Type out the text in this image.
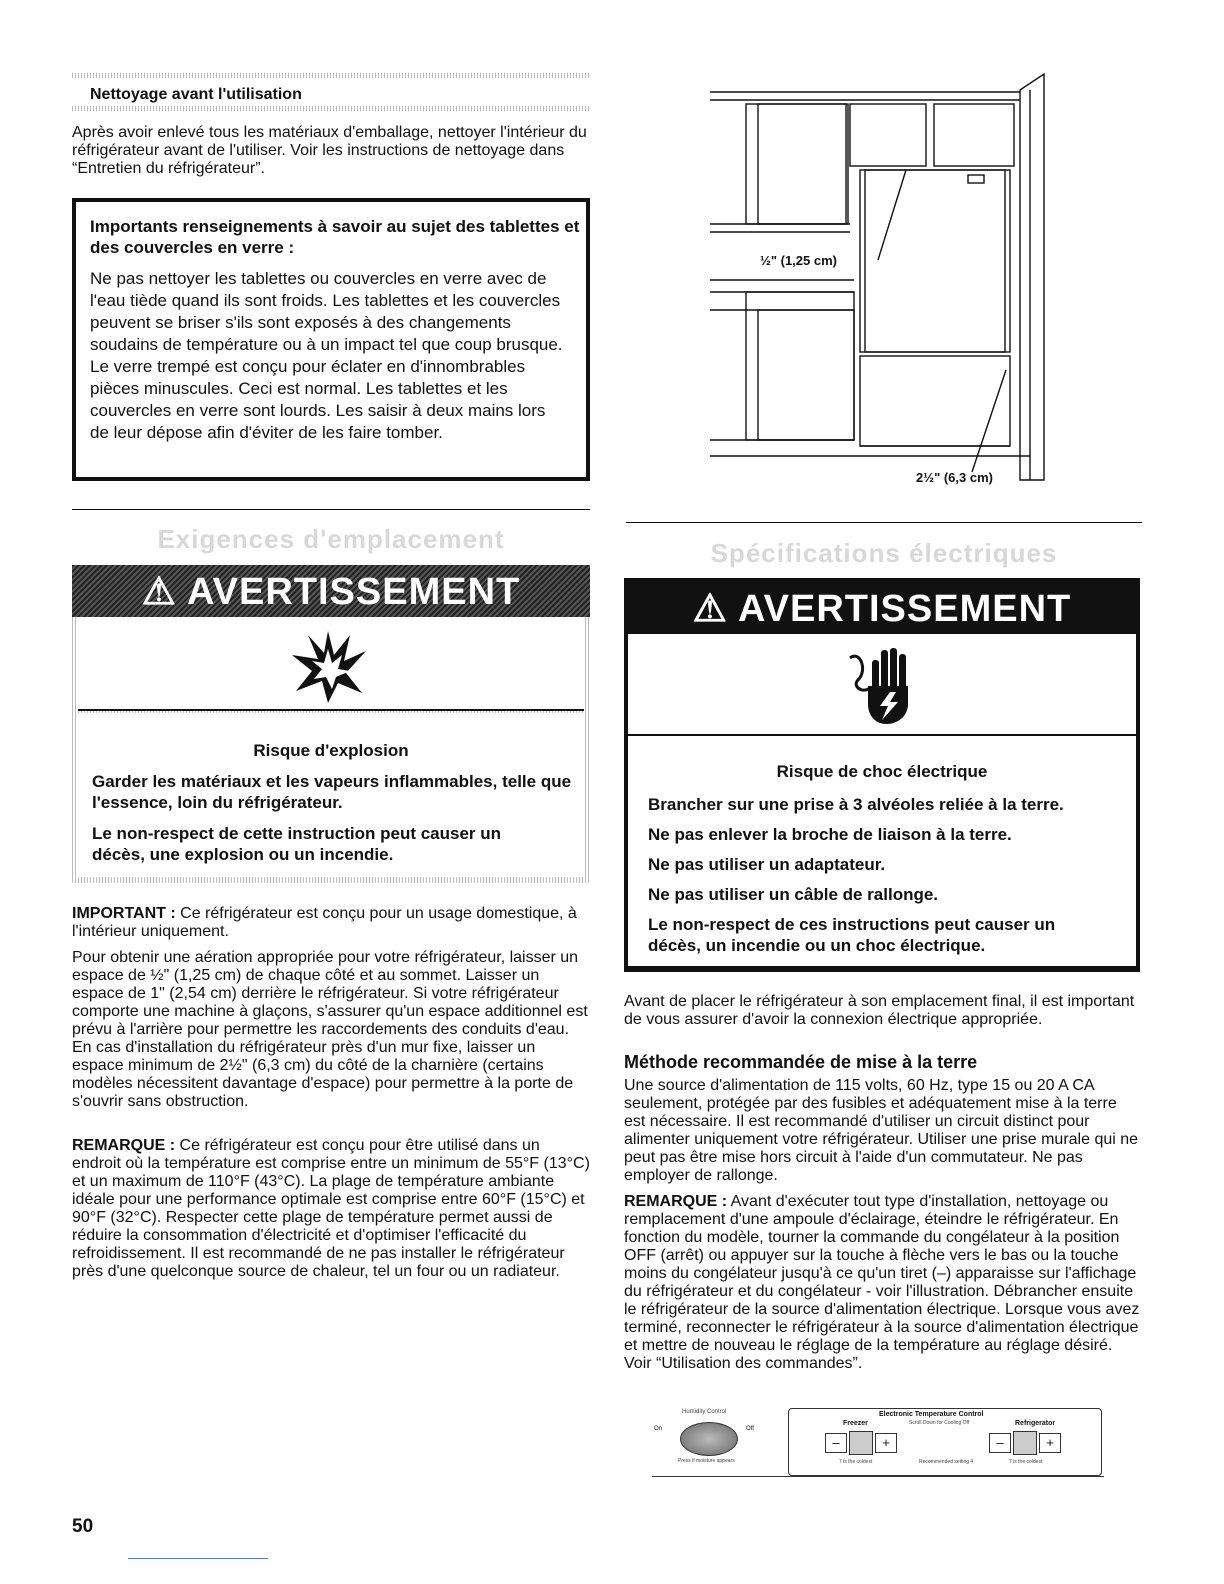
Nettoyage avant l'utilisation

Après avoir enlevé tous les matériaux d'emballage, nettoyer l'intérieur du réfrigérateur avant de l'utiliser. Voir les instructions de nettoyage dans “Entretien du réfrigérateur”.

Importants renseignements à savoir au sujet des tablettes et des couvercles en verre :
Ne pas nettoyer les tablettes ou couvercles en verre avec de l'eau tiède quand ils sont froids. Les tablettes et les couvercles peuvent se briser s'ils sont exposés à des changements soudains de température ou à un impact tel que coup brusque. Le verre trempé est conçu pour éclater en d'innombrables pièces minuscules. Ceci est normal. Les tablettes et les couvercles en verre sont lourds. Les saisir à deux mains lors de leur dépose afin d'éviter de les faire tomber.
Exigences d'emplacement
⚠ AVERTISSEMENT
Risque d'explosion
Garder les matériaux et les vapeurs inflammables, telle que l'essence, loin du réfrigérateur.
Le non-respect de cette instruction peut causer un décès, une explosion ou un incendie.

IMPORTANT : Ce réfrigérateur est conçu pour un usage domestique, à l'intérieur uniquement.

Pour obtenir une aération appropriée pour votre réfrigérateur, laisser un espace de ½" (1,25 cm) de chaque côté et au sommet. Laisser un espace de 1" (2,54 cm) derrière le réfrigérateur. Si votre réfrigérateur comporte une machine à glaçons, s'assurer qu'un espace additionnel est prévu à l'arrière pour permettre les raccordements des conduits d'eau. En cas d'installation du réfrigérateur près d'un mur fixe, laisser un espace minimum de 2½" (6,3 cm) du côté de la charnière (certains modèles nécessitent davantage d'espace) pour permettre à la porte de s'ouvrir sans obstruction.

REMARQUE : Ce réfrigérateur est conçu pour être utilisé dans un endroit où la température est comprise entre un minimum de 55°F (13°C) et un maximum de 110°F (43°C). La plage de température ambiante idéale pour une performance optimale est comprise entre 60°F (15°C) et 90°F (32°C). Respecter cette plage de température permet aussi de réduire la consommation d'électricité et d'optimiser l'efficacité du refroidissement. Il est recommandé de ne pas installer le réfrigérateur près d'une quelconque source de chaleur, tel un four ou un radiateur.

50
½" (1,25 cm)
2½" (6,3 cm)
Spécifications électriques
⚠ AVERTISSEMENT
Risque de choc électrique
Brancher sur une prise à 3 alvéoles reliée à la terre.
Ne pas enlever la broche de liaison à la terre.
Ne pas utiliser un adaptateur.
Ne pas utiliser un câble de rallonge.
Le non-respect de ces instructions peut causer un décès, un incendie ou un choc électrique.

Avant de placer le réfrigérateur à son emplacement final, il est important de vous assurer d'avoir la connexion électrique appropriée.

Méthode recommandée de mise à la terre

Une source d'alimentation de 115 volts, 60 Hz, type 15 ou 20 A CA seulement, protégée par des fusibles et adéquatement mise à la terre est nécessaire. Il est recommandé d'utiliser un circuit distinct pour alimenter uniquement votre réfrigérateur. Utiliser une prise murale qui ne peut pas être mise hors circuit à l'aide d'un commutateur. Ne pas employer de rallonge.

REMARQUE : Avant d'exécuter tout type d'installation, nettoyage ou remplacement d'une ampoule d'éclairage, éteindre le réfrigérateur. En fonction du modèle, tourner la commande du congélateur à la position OFF (arrêt) ou appuyer sur la touche à flèche vers le bas ou la touche moins du congélateur jusqu'à ce qu'un tiret (–) apparaisse sur l'affichage du réfrigérateur et du congélateur - voir l'illustration. Débrancher ensuite le réfrigérateur de la source d'alimentation électrique. Lorsque vous avez terminé, reconnecter le réfrigérateur à la source d'alimentation électrique et mettre de nouveau le réglage de la température au réglage désiré. Voir “Utilisation des commandes”.

Humidity Control
On	Off
Press if moisture appears
Electronic Temperature Control
Freezer	Scroll Down for Cooling Off	Refrigerator
–	+	–	+
7 is the coldest	Recommended setting 4	7 is the coldest
